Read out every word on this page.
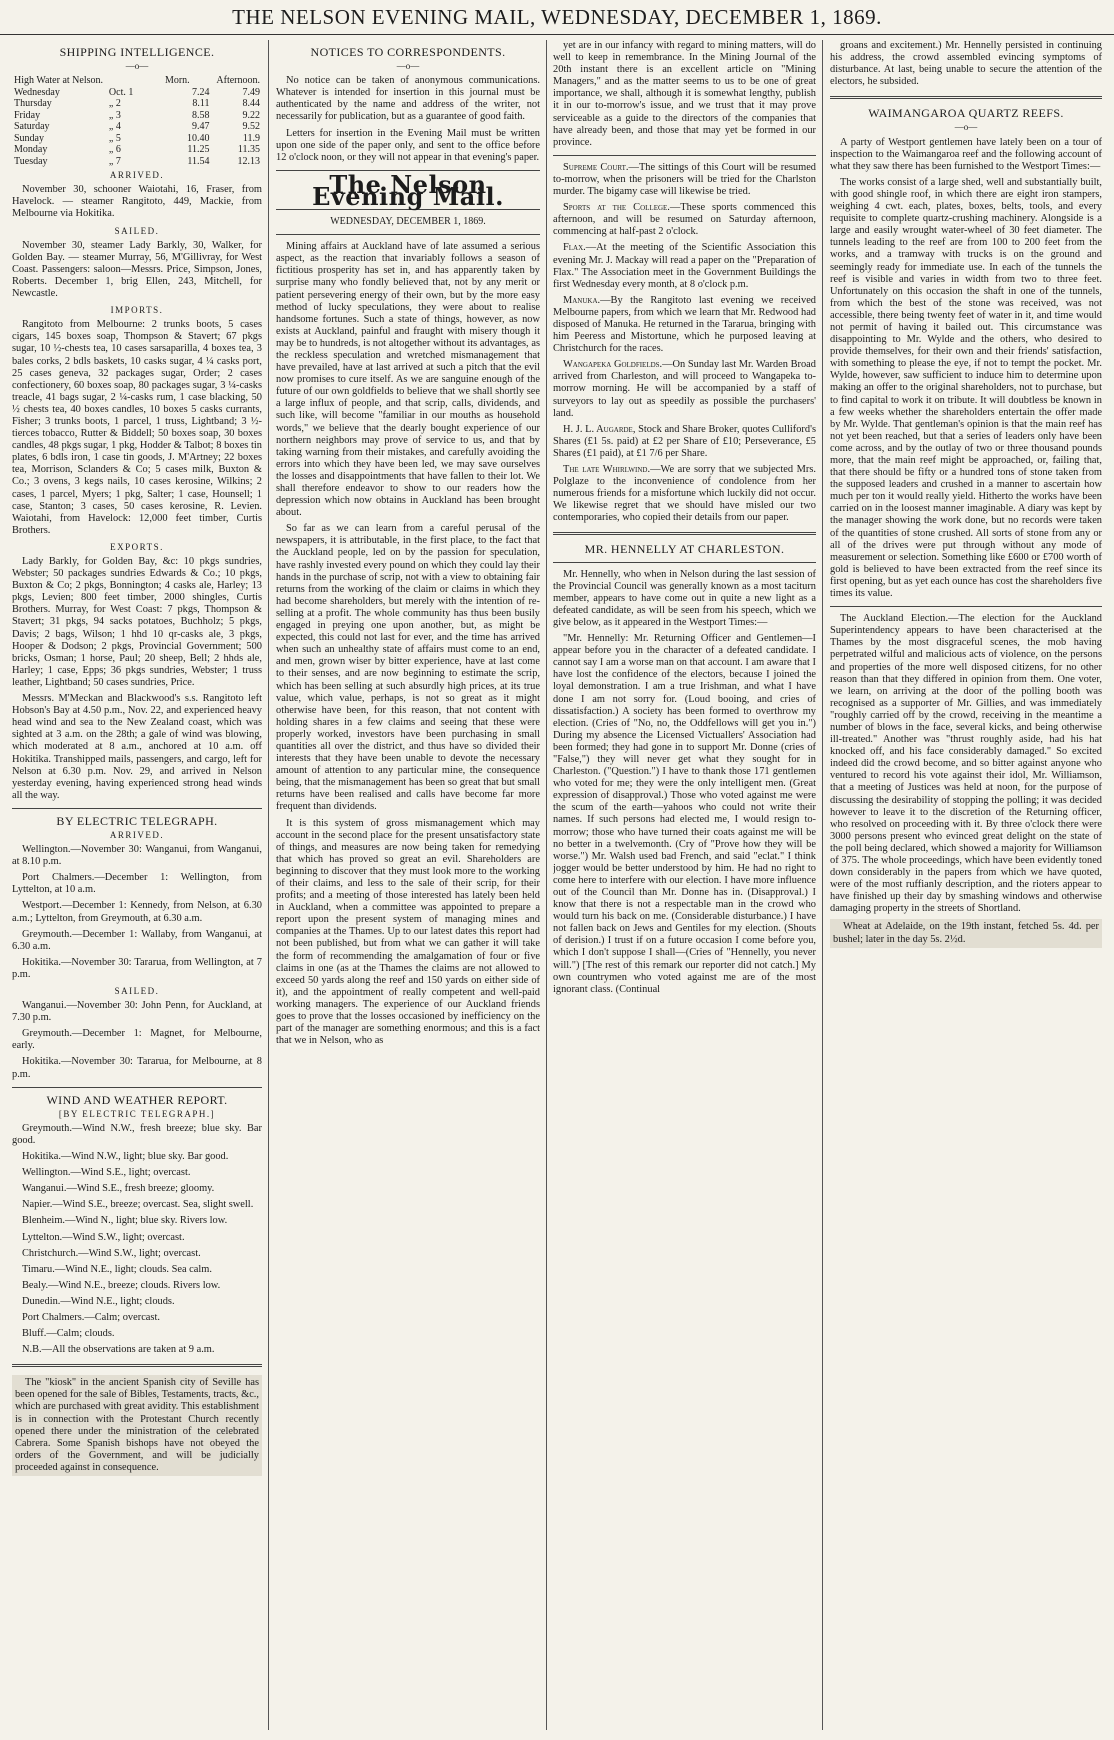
THE NELSON EVENING MAIL, WEDNESDAY, DECEMBER 1, 1869.
SHIPPING INTELLIGENCE.
—o—
High Water at Nelson.	Morn.	Afternoon.
Wednesday	Oct. 1	7.24	7.49
Thursday	„ 2	8.11	8.44
Friday	„ 3	8.58	9.22
Saturday	„ 4	9.47	9.52
Sunday	„ 5	10.40	11.9
Monday	„ 6	11.25	11.35
Tuesday	„ 7	11.54	12.13
ARRIVED.

November 30, schooner Waiotahi, 16, Fraser, from Havelock. — steamer Rangitoto, 449, Mackie, from Melbourne via Hokitika.

SAILED.

November 30, steamer Lady Barkly, 30, Walker, for Golden Bay. — steamer Murray, 56, M'Gillivray, for West Coast. Passengers: saloon—Messrs. Price, Simpson, Jones, Roberts. December 1, brig Ellen, 243, Mitchell, for Newcastle.

IMPORTS.

Rangitoto from Melbourne: 2 trunks boots, 5 cases cigars, 145 boxes soap, Thompson & Stavert; 67 pkgs sugar, 10 ½-chests tea, 10 cases sarsaparilla, 4 boxes tea, 3 bales corks, 2 bdls baskets, 10 casks sugar, 4 ¼ casks port, 25 cases geneva, 32 packages sugar, Order; 2 cases confectionery, 60 boxes soap, 80 packages sugar, 3 ¼-casks treacle, 41 bags sugar, 2 ¼-casks rum, 1 case blacking, 50 ½ chests tea, 40 boxes candles, 10 boxes 5 casks currants, Fisher; 3 trunks boots, 1 parcel, 1 truss, Lightband; 3 ½-tierces tobacco, Rutter & Biddell; 50 boxes soap, 30 boxes candles, 48 pkgs sugar, 1 pkg, Hodder & Talbot; 8 boxes tin plates, 6 bdls iron, 1 case tin goods, J. M'Artney; 22 boxes tea, Morrison, Sclanders & Co; 5 cases milk, Buxton & Co.; 3 ovens, 3 kegs nails, 10 cases kerosine, Wilkins; 2 cases, 1 parcel, Myers; 1 pkg, Salter; 1 case, Hounsell; 1 case, Stanton; 3 cases, 50 cases kerosine, R. Levien. Waiotahi, from Havelock: 12,000 feet timber, Curtis Brothers.

EXPORTS.

Lady Barkly, for Golden Bay, &c: 10 pkgs sundries, Webster; 50 packages sundries Edwards & Co.; 10 pkgs, Buxton & Co; 2 pkgs, Bonnington; 4 casks ale, Harley; 13 pkgs, Levien; 800 feet timber, 2000 shingles, Curtis Brothers. Murray, for West Coast: 7 pkgs, Thompson & Stavert; 31 pkgs, 94 sacks potatoes, Buchholz; 5 pkgs, Davis; 2 bags, Wilson; 1 hhd 10 qr-casks ale, 3 pkgs, Hooper & Dodson; 2 pkgs, Provincial Government; 500 bricks, Osman; 1 horse, Paul; 20 sheep, Bell; 2 hhds ale, Harley; 1 case, Epps; 36 pkgs sundries, Webster; 1 truss leather, Lightband; 50 cases sundries, Price.

Messrs. M'Meckan and Blackwood's s.s. Rangitoto left Hobson's Bay at 4.50 p.m., Nov. 22, and experienced heavy head wind and sea to the New Zealand coast, which was sighted at 3 a.m. on the 28th; a gale of wind was blowing, which moderated at 8 a.m., anchored at 10 a.m. off Hokitika. Transhipped mails, passengers, and cargo, left for Nelson at 6.30 p.m. Nov. 29, and arrived in Nelson yesterday evening, having experienced strong head winds all the way.

BY ELECTRIC TELEGRAPH.
ARRIVED.

Wellington.—November 30: Wanganui, from Wanganui, at 8.10 p.m.

Port Chalmers.—December 1: Wellington, from Lyttelton, at 10 a.m.

Westport.—December 1: Kennedy, from Nelson, at 6.30 a.m.; Lyttelton, from Greymouth, at 6.30 a.m.

Greymouth.—December 1: Wallaby, from Wanganui, at 6.30 a.m.

Hokitika.—November 30: Tararua, from Wellington, at 7 p.m.

SAILED.

Wanganui.—November 30: John Penn, for Auckland, at 7.30 p.m.

Greymouth.—December 1: Magnet, for Melbourne, early.

Hokitika.—November 30: Tararua, for Melbourne, at 8 p.m.

WIND AND WEATHER REPORT.
[BY ELECTRIC TELEGRAPH.]

Greymouth.—Wind N.W., fresh breeze; blue sky. Bar good.

Hokitika.—Wind N.W., light; blue sky. Bar good.

Wellington.—Wind S.E., light; overcast.

Wanganui.—Wind S.E., fresh breeze; gloomy.

Napier.—Wind S.E., breeze; overcast. Sea, slight swell.

Blenheim.—Wind N., light; blue sky. Rivers low.

Lyttelton.—Wind S.W., light; overcast.

Christchurch.—Wind S.W., light; overcast.

Timaru.—Wind N.E., light; clouds. Sea calm.

Bealy.—Wind N.E., breeze; clouds. Rivers low.

Dunedin.—Wind N.E., light; clouds.

Port Chalmers.—Calm; overcast.

Bluff.—Calm; clouds.

N.B.—All the observations are taken at 9 a.m.

The "kiosk" in the ancient Spanish city of Seville has been opened for the sale of Bibles, Testaments, tracts, &c., which are purchased with great avidity. This establishment is in connection with the Protestant Church recently opened there under the ministration of the celebrated Cabrera. Some Spanish bishops have not obeyed the orders of the Government, and will be judicially proceeded against in consequence.

NOTICES TO CORRESPONDENTS.
—o—

No notice can be taken of anonymous communications. Whatever is intended for insertion in this journal must be authenticated by the name and address of the writer, not necessarily for publication, but as a guarantee of good faith.

Letters for insertion in the Evening Mail must be written upon one side of the paper only, and sent to the office before 12 o'clock noon, or they will not appear in that evening's paper.

The Nelson Evening Mail.
WEDNESDAY, DECEMBER 1, 1869.

Mining affairs at Auckland have of late assumed a serious aspect, as the reaction that invariably follows a season of fictitious prosperity has set in, and has apparently taken by surprise many who fondly believed that, not by any merit or patient persevering energy of their own, but by the more easy method of lucky speculations, they were about to realise handsome fortunes. Such a state of things, however, as now exists at Auckland, painful and fraught with misery though it may be to hundreds, is not altogether without its advantages, as the reckless speculation and wretched mismanagement that have prevailed, have at last arrived at such a pitch that the evil now promises to cure itself. As we are sanguine enough of the future of our own goldfields to believe that we shall shortly see a large influx of people, and that scrip, calls, dividends, and such like, will become "familiar in our mouths as household words," we believe that the dearly bought experience of our northern neighbors may prove of service to us, and that by taking warning from their mistakes, and carefully avoiding the errors into which they have been led, we may save ourselves the losses and disappointments that have fallen to their lot. We shall therefore endeavor to show to our readers how the depression which now obtains in Auckland has been brought about.

So far as we can learn from a careful perusal of the newspapers, it is attributable, in the first place, to the fact that the Auckland people, led on by the passion for speculation, have rashly invested every pound on which they could lay their hands in the purchase of scrip, not with a view to obtaining fair returns from the working of the claim or claims in which they had become shareholders, but merely with the intention of re-selling at a profit. The whole community has thus been busily engaged in preying one upon another, but, as might be expected, this could not last for ever, and the time has arrived when such an unhealthy state of affairs must come to an end, and men, grown wiser by bitter experience, have at last come to their senses, and are now beginning to estimate the scrip, which has been selling at such absurdly high prices, at its true value, which value, perhaps, is not so great as it might otherwise have been, for this reason, that not content with holding shares in a few claims and seeing that these were properly worked, investors have been purchasing in small quantities all over the district, and thus have so divided their interests that they have been unable to devote the necessary amount of attention to any particular mine, the consequence being, that the mismanagement has been so great that but small returns have been realised and calls have become far more frequent than dividends.

It is this system of gross mismanagement which may account in the second place for the present unsatisfactory state of things, and measures are now being taken for remedying that which has proved so great an evil. Shareholders are beginning to discover that they must look more to the working of their claims, and less to the sale of their scrip, for their profits; and a meeting of those interested has lately been held in Auckland, when a committee was appointed to prepare a report upon the present system of managing mines and companies at the Thames. Up to our latest dates this report had not been published, but from what we can gather it will take the form of recommending the amalgamation of four or five claims in one (as at the Thames the claims are not allowed to exceed 50 yards along the reef and 150 yards on either side of it), and the appointment of really competent and well-paid working managers. The experience of our Auckland friends goes to prove that the losses occasioned by inefficiency on the part of the manager are something enormous; and this is a fact that we in Nelson, who as

yet are in our infancy with regard to mining matters, will do well to keep in remembrance. In the Mining Journal of the 20th instant there is an excellent article on "Mining Managers," and as the matter seems to us to be one of great importance, we shall, although it is somewhat lengthy, publish it in our to-morrow's issue, and we trust that it may prove serviceable as a guide to the directors of the companies that have already been, and those that may yet be formed in our province.

Supreme Court.—The sittings of this Court will be resumed to-morrow, when the prisoners will be tried for the Charlston murder. The bigamy case will likewise be tried.

Sports at the College.—These sports commenced this afternoon, and will be resumed on Saturday afternoon, commencing at half-past 2 o'clock.

Flax.—At the meeting of the Scientific Association this evening Mr. J. Mackay will read a paper on the "Preparation of Flax." The Association meet in the Government Buildings the first Wednesday every month, at 8 o'clock p.m.

Manuka.—By the Rangitoto last evening we received Melbourne papers, from which we learn that Mr. Redwood had disposed of Manuka. He returned in the Tararua, bringing with him Peeress and Mistortune, which he purposed leaving at Christchurch for the races.

Wangapeka Goldfields.—On Sunday last Mr. Warden Broad arrived from Charleston, and will proceed to Wangapeka to-morrow morning. He will be accompanied by a staff of surveyors to lay out as speedily as possible the purchasers' land.

H. J. L. Augarde, Stock and Share Broker, quotes Culliford's Shares (£1 5s. paid) at £2 per Share of £10; Perseverance, £5 Shares (£1 paid), at £1 7/6 per Share.

The late Whirlwind.—We are sorry that we subjected Mrs. Polglaze to the inconvenience of condolence from her numerous friends for a misfortune which luckily did not occur. We likewise regret that we should have misled our two contemporaries, who copied their details from our paper.

MR. HENNELLY AT CHARLESTON.

Mr. Hennelly, who when in Nelson during the last session of the Provincial Council was generally known as a most taciturn member, appears to have come out in quite a new light as a defeated candidate, as will be seen from his speech, which we give below, as it appeared in the Westport Times:—

"Mr. Hennelly: Mr. Returning Officer and Gentlemen—I appear before you in the character of a defeated candidate. I cannot say I am a worse man on that account. I am aware that I have lost the confidence of the electors, because I joined the loyal demonstration. I am a true Irishman, and what I have done I am not sorry for. (Loud booing, and cries of dissatisfaction.) A society has been formed to overthrow my election. (Cries of "No, no, the Oddfellows will get you in.") During my absence the Licensed Victuallers' Association had been formed; they had gone in to support Mr. Donne (cries of "False,") they will never get what they sought for in Charleston. ("Question.") I have to thank those 171 gentlemen who voted for me; they were the only intelligent men. (Great expression of disapproval.) Those who voted against me were the scum of the earth—yahoos who could not write their names. If such persons had elected me, I would resign to-morrow; those who have turned their coats against me will be no better in a twelvemonth. (Cry of "Prove how they will be worse.") Mr. Walsh used bad French, and said "eclat." I think jogger would be better understood by him. He had no right to come here to interfere with our election. I have more influence out of the Council than Mr. Donne has in. (Disapproval.) I know that there is not a respectable man in the crowd who would turn his back on me. (Considerable disturbance.) I have not fallen back on Jews and Gentiles for my election. (Shouts of derision.) I trust if on a future occasion I come before you, which I don't suppose I shall—(Cries of "Hennelly, you never will.") [The rest of this remark our reporter did not catch.] My own countrymen who voted against me are of the most ignorant class. (Continual

groans and excitement.) Mr. Hennelly persisted in continuing his address, the crowd assembled evincing symptoms of disturbance. At last, being unable to secure the attention of the electors, he subsided.

WAIMANGAROA QUARTZ REEFS.
—o—

A party of Westport gentlemen have lately been on a tour of inspection to the Waimangaroa reef and the following account of what they saw there has been furnished to the Westport Times:—

The works consist of a large shed, well and substantially built, with good shingle roof, in which there are eight iron stampers, weighing 4 cwt. each, plates, boxes, belts, tools, and every requisite to complete quartz-crushing machinery. Alongside is a large and easily wrought water-wheel of 30 feet diameter. The tunnels leading to the reef are from 100 to 200 feet from the works, and a tramway with trucks is on the ground and seemingly ready for immediate use. In each of the tunnels the reef is visible and varies in width from two to three feet. Unfortunately on this occasion the shaft in one of the tunnels, from which the best of the stone was received, was not accessible, there being twenty feet of water in it, and time would not permit of having it bailed out. This circumstance was disappointing to Mr. Wylde and the others, who desired to provide themselves, for their own and their friends' satisfaction, with something to please the eye, if not to tempt the pocket. Mr. Wylde, however, saw sufficient to induce him to determine upon making an offer to the original shareholders, not to purchase, but to find capital to work it on tribute. It will doubtless be known in a few weeks whether the shareholders entertain the offer made by Mr. Wylde. That gentleman's opinion is that the main reef has not yet been reached, but that a series of leaders only have been come across, and by the outlay of two or three thousand pounds more, that the main reef might be approached, or, failing that, that there should be fifty or a hundred tons of stone taken from the supposed leaders and crushed in a manner to ascertain how much per ton it would really yield. Hitherto the works have been carried on in the loosest manner imaginable. A diary was kept by the manager showing the work done, but no records were taken of the quantities of stone crushed. All sorts of stone from any or all of the drives were put through without any mode of measurement or selection. Something like £600 or £700 worth of gold is believed to have been extracted from the reef since its first opening, but as yet each ounce has cost the shareholders five times its value.

The Auckland Election.—The election for the Auckland Superintendency appears to have been characterised at the Thames by the most disgraceful scenes, the mob having perpetrated wilful and malicious acts of violence, on the persons and properties of the more well disposed citizens, for no other reason than that they differed in opinion from them. One voter, we learn, on arriving at the door of the polling booth was recognised as a supporter of Mr. Gillies, and was immediately "roughly carried off by the crowd, receiving in the meantime a number of blows in the face, several kicks, and being otherwise ill-treated." Another was "thrust roughly aside, had his hat knocked off, and his face considerably damaged." So excited indeed did the crowd become, and so bitter against anyone who ventured to record his vote against their idol, Mr. Williamson, that a meeting of Justices was held at noon, for the purpose of discussing the desirability of stopping the polling; it was decided however to leave it to the discretion of the Returning officer, who resolved on proceeding with it. By three o'clock there were 3000 persons present who evinced great delight on the state of the poll being declared, which showed a majority for Williamson of 375. The whole proceedings, which have been evidently toned down considerably in the papers from which we have quoted, were of the most ruffianly description, and the rioters appear to have finished up their day by smashing windows and otherwise damaging property in the streets of Shortland.

Wheat at Adelaide, on the 19th instant, fetched 5s. 4d. per bushel; later in the day 5s. 2½d.
